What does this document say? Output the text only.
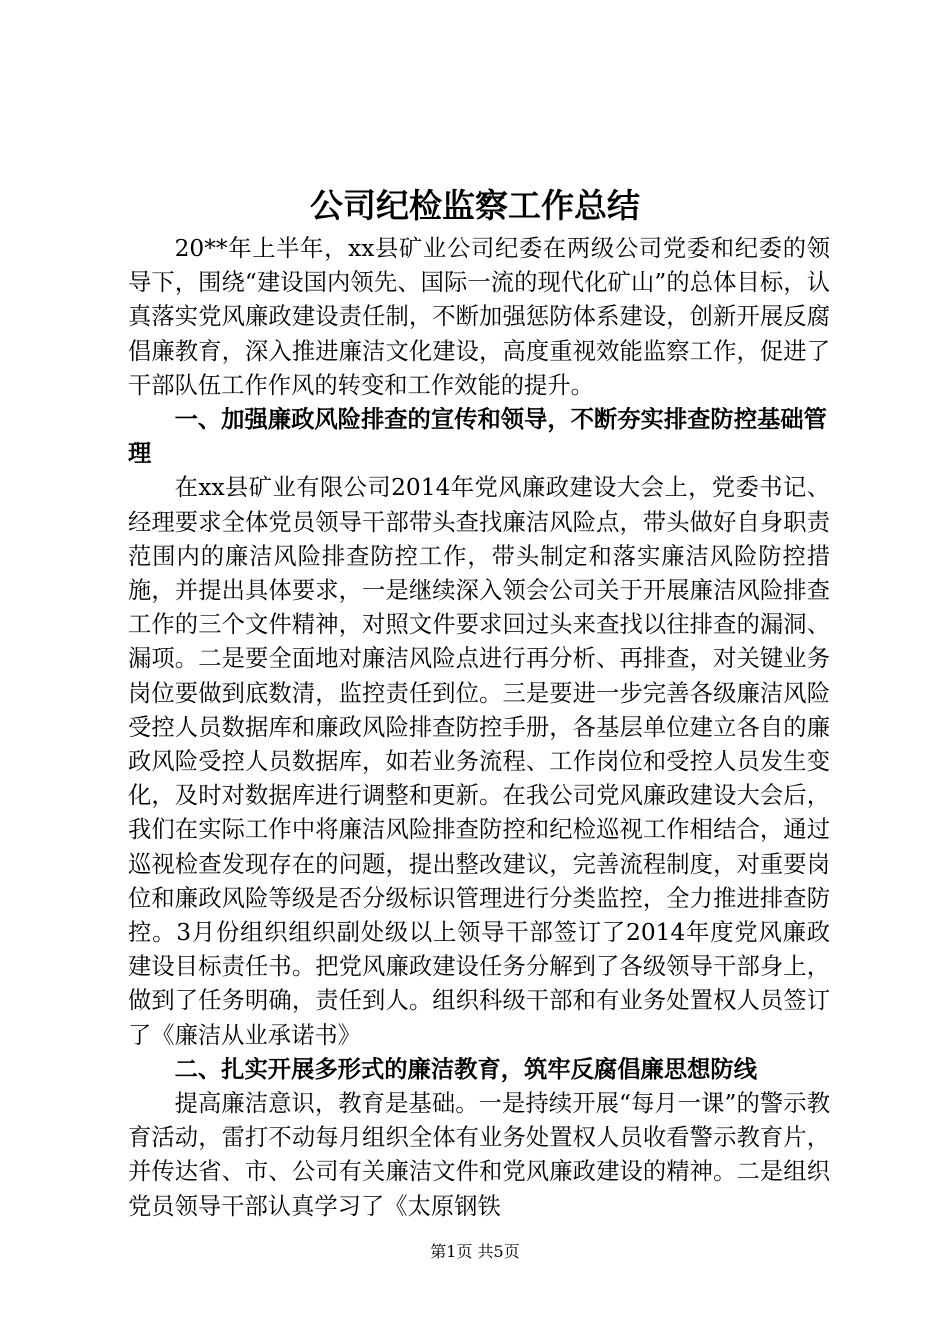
公司纪检监察工作总结

20**年上半年，xx县矿业公司纪委在两级公司党委和纪委的领导下，围绕“建设国内领先、国际一流的现代化矿山”的总体目标，认真落实党风廉政建设责任制，不断加强惩防体系建设，创新开展反腐倡廉教育，深入推进廉洁文化建设，高度重视效能监察工作，促进了干部队伍工作作风的转变和工作效能的提升。

一、加强廉政风险排查的宣传和领导，不断夯实排查防控基础管理

在xx县矿业有限公司2014年党风廉政建设大会上，党委书记、经理要求全体党员领导干部带头查找廉洁风险点，带头做好自身职责范围内的廉洁风险排查防控工作，带头制定和落实廉洁风险防控措施，并提出具体要求，一是继续深入领会公司关于开展廉洁风险排查工作的三个文件精神，对照文件要求回过头来查找以往排查的漏洞、漏项。二是要全面地对廉洁风险点进行再分析、再排查，对关键业务岗位要做到底数清，监控责任到位。三是要进一步完善各级廉洁风险受控人员数据库和廉政风险排查防控手册，各基层单位建立各自的廉政风险受控人员数据库，如若业务流程、工作岗位和受控人员发生变化，及时对数据库进行调整和更新。在我公司党风廉政建设大会后，我们在实际工作中将廉洁风险排查防控和纪检巡视工作相结合，通过巡视检查发现存在的问题，提出整改建议，完善流程制度，对重要岗位和廉政风险等级是否分级标识管理进行分类监控，全力推进排查防控。3月份组织组织副处级以上领导干部签订了2014年度党风廉政建设目标责任书。把党风廉政建设任务分解到了各级领导干部身上，做到了任务明确，责任到人。组织科级干部和有业务处置权人员签订了《廉洁从业承诺书》

二、扎实开展多形式的廉洁教育，筑牢反腐倡廉思想防线

提高廉洁意识，教育是基础。一是持续开展“每月一课”的警示教育活动，雷打不动每月组织全体有业务处置权人员收看警示教育片，并传达省、市、公司有关廉洁文件和党风廉政建设的精神。二是组织党员领导干部认真学习了《太原钢铁

第1页 共5页
